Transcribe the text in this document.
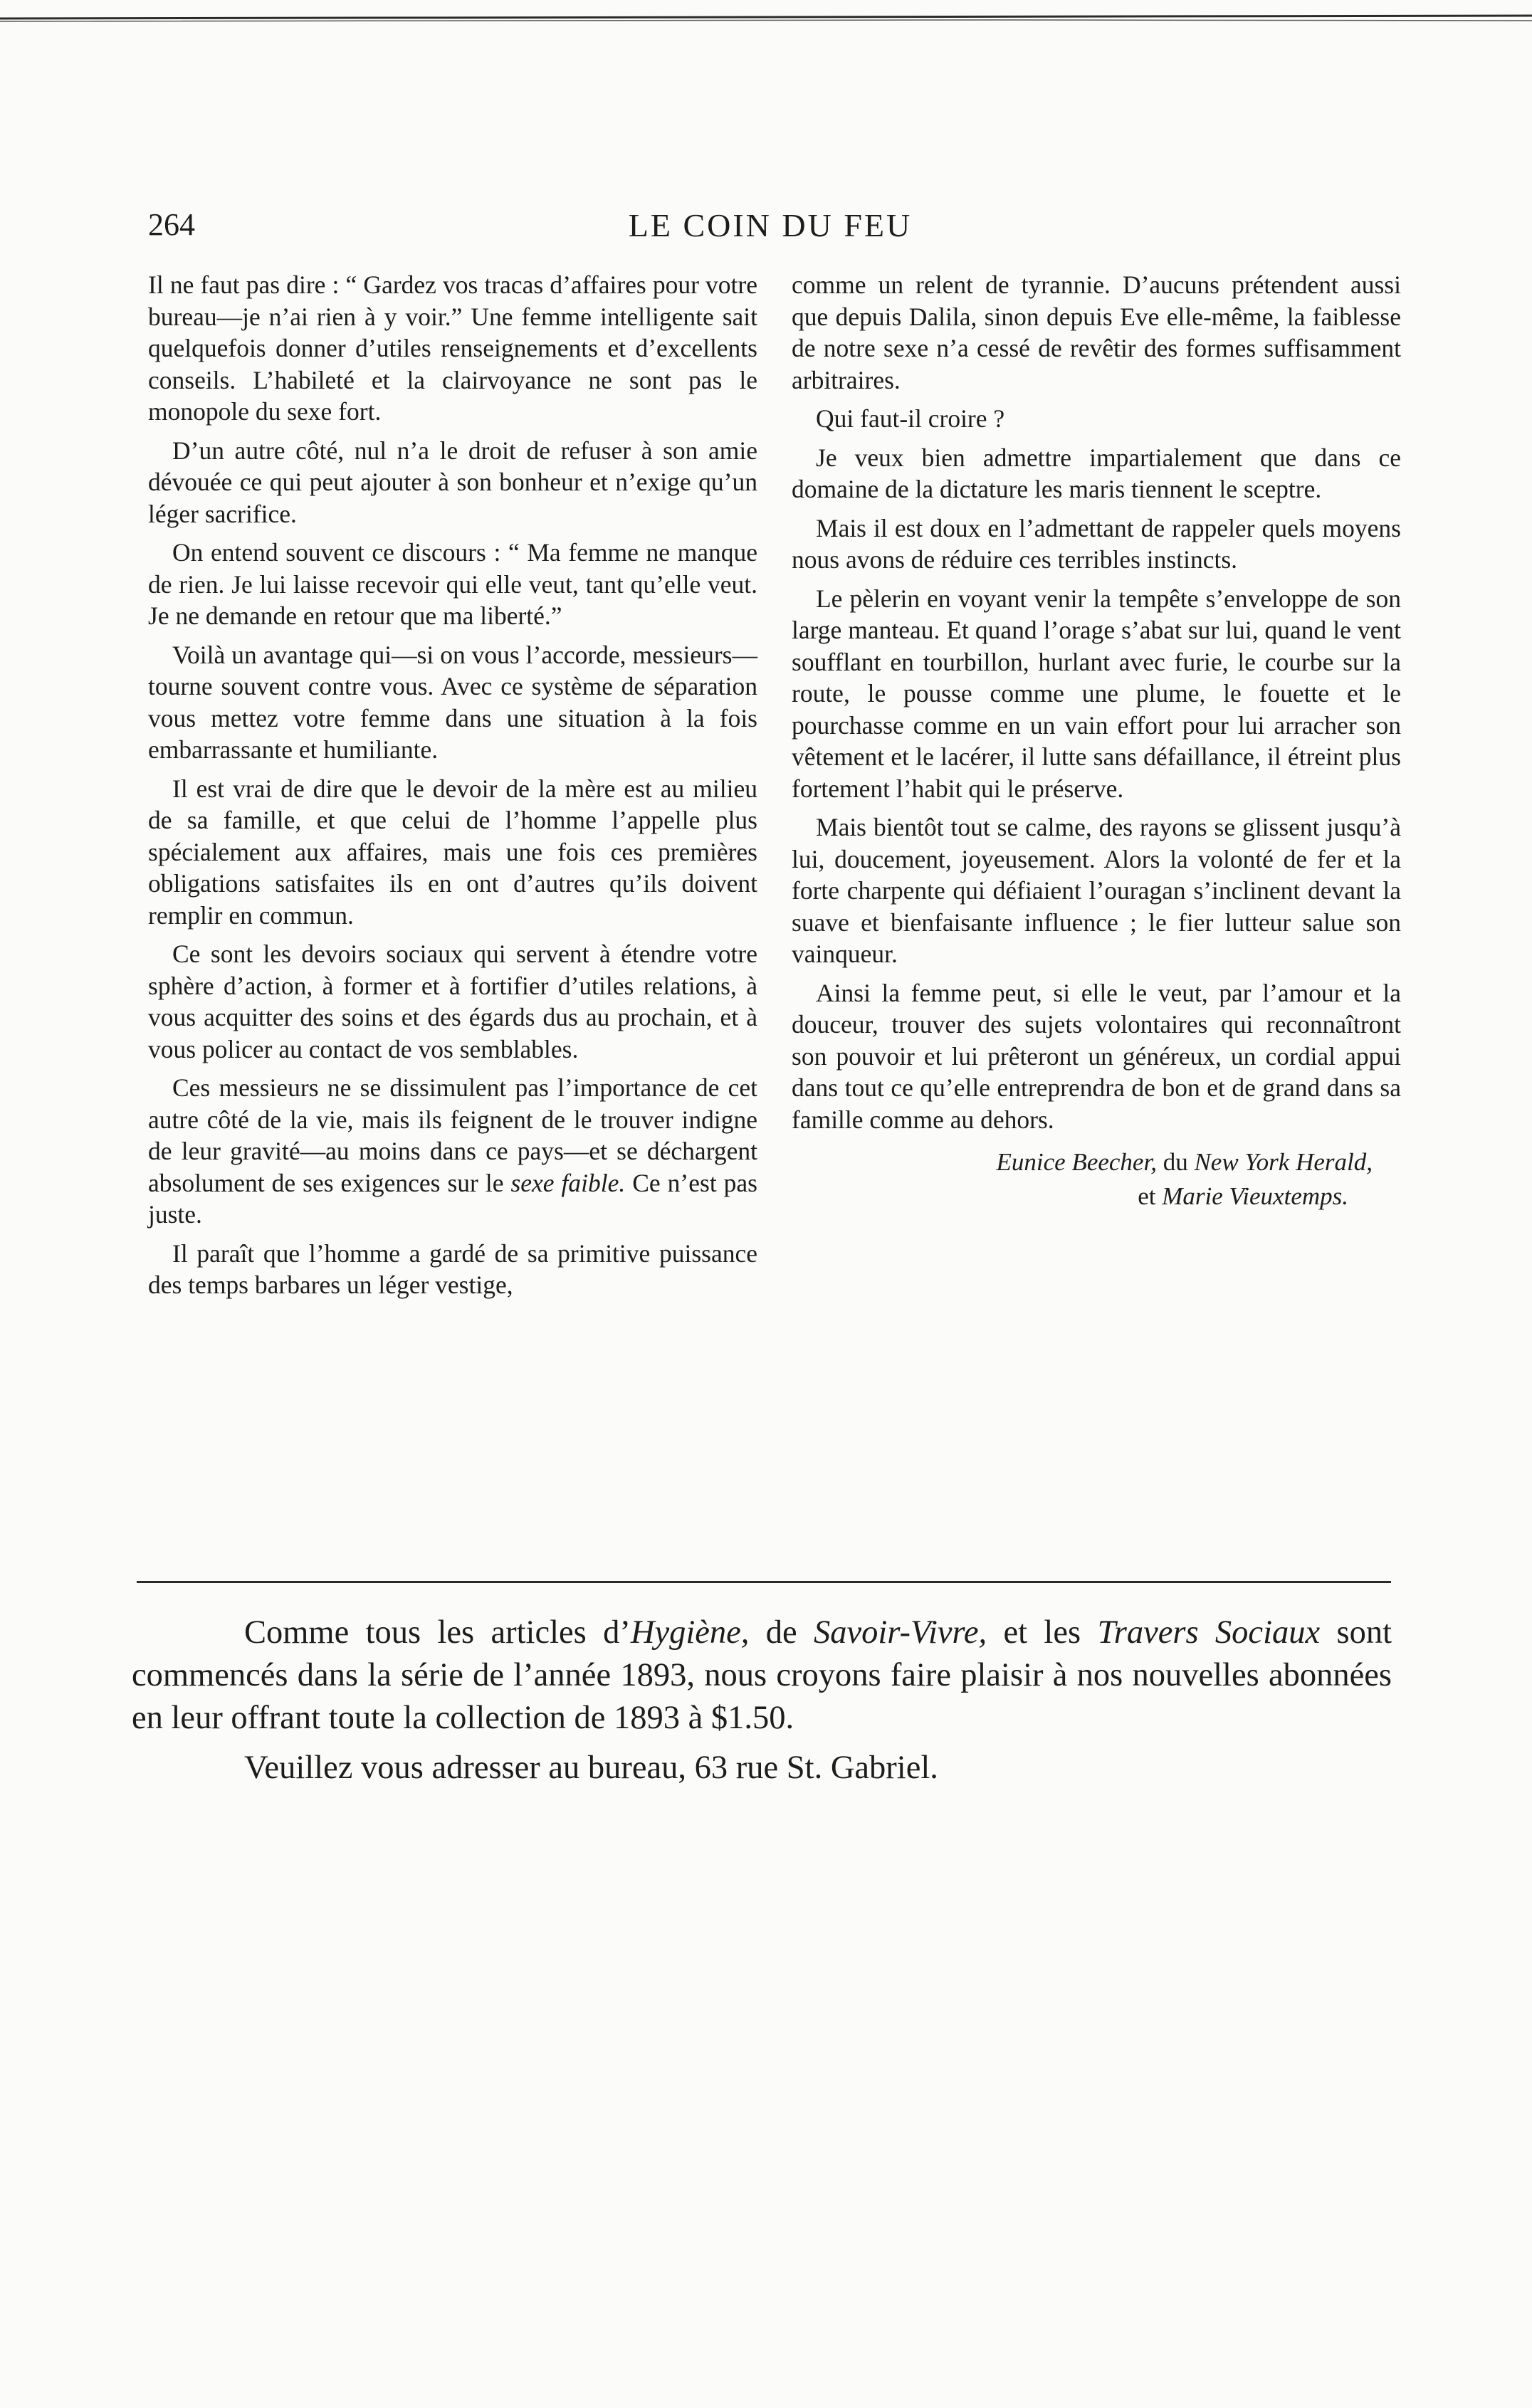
264	LE COIN DU FEU

Il ne faut pas dire : “ Gardez vos tracas d’affaires pour votre bureau—je n’ai rien à y voir.” Une femme intelligente sait quelquefois donner d’utiles renseignements et d’excellents conseils. L’habileté et la clairvoyance ne sont pas le monopole du sexe fort.

D’un autre côté, nul n’a le droit de refuser à son amie dévouée ce qui peut ajouter à son bonheur et n’exige qu’un léger sacrifice.

On entend souvent ce discours : “ Ma femme ne manque de rien. Je lui laisse recevoir qui elle veut, tant qu’elle veut. Je ne demande en retour que ma liberté.”

Voilà un avantage qui—si on vous l’accorde, messieurs—tourne souvent contre vous. Avec ce système de séparation vous mettez votre femme dans une situation à la fois embarrassante et humiliante.

Il est vrai de dire que le devoir de la mère est au milieu de sa famille, et que celui de l’homme l’appelle plus spécialement aux affaires, mais une fois ces premières obligations satisfaites ils en ont d’autres qu’ils doivent remplir en commun.

Ce sont les devoirs sociaux qui servent à étendre votre sphère d’action, à former et à fortifier d’utiles relations, à vous acquitter des soins et des égards dus au prochain, et à vous policer au contact de vos semblables.

Ces messieurs ne se dissimulent pas l’importance de cet autre côté de la vie, mais ils feignent de le trouver indigne de leur gravité—au moins dans ce pays—et se déchargent absolument de ses exigences sur le sexe faible. Ce n’est pas juste.

Il paraît que l’homme a gardé de sa primitive puissance des temps barbares un léger vestige,

comme un relent de tyrannie. D’aucuns prétendent aussi que depuis Dalila, sinon depuis Eve elle-même, la faiblesse de notre sexe n’a cessé de revêtir des formes suffisamment arbitraires.

Qui faut-il croire ?

Je veux bien admettre impartialement que dans ce domaine de la dictature les maris tiennent le sceptre.

Mais il est doux en l’admettant de rappeler quels moyens nous avons de réduire ces terribles instincts.

Le pèlerin en voyant venir la tempête s’enveloppe de son large manteau. Et quand l’orage s’abat sur lui, quand le vent soufflant en tourbillon, hurlant avec furie, le courbe sur la route, le pousse comme une plume, le fouette et le pourchasse comme en un vain effort pour lui arracher son vêtement et le lacérer, il lutte sans défaillance, il étreint plus fortement l’habit qui le préserve.

Mais bientôt tout se calme, des rayons se glissent jusqu’à lui, doucement, joyeusement. Alors la volonté de fer et la forte charpente qui défiaient l’ouragan s’inclinent devant la suave et bienfaisante influence ; le fier lutteur salue son vainqueur.

Ainsi la femme peut, si elle le veut, par l’amour et la douceur, trouver des sujets volontaires qui reconnaîtront son pouvoir et lui prêteront un généreux, un cordial appui dans tout ce qu’elle entreprendra de bon et de grand dans sa famille comme au dehors.

Eunice Beecher, du New York Herald,
et Marie Vieuxtemps.

Comme tous les articles d’Hygiène, de Savoir-Vivre, et les Travers Sociaux sont commencés dans la série de l’année 1893, nous croyons faire plaisir à nos nouvelles abonnées en leur offrant toute la collection de 1893 à $1.50.

Veuillez vous adresser au bureau, 63 rue St. Gabriel.
